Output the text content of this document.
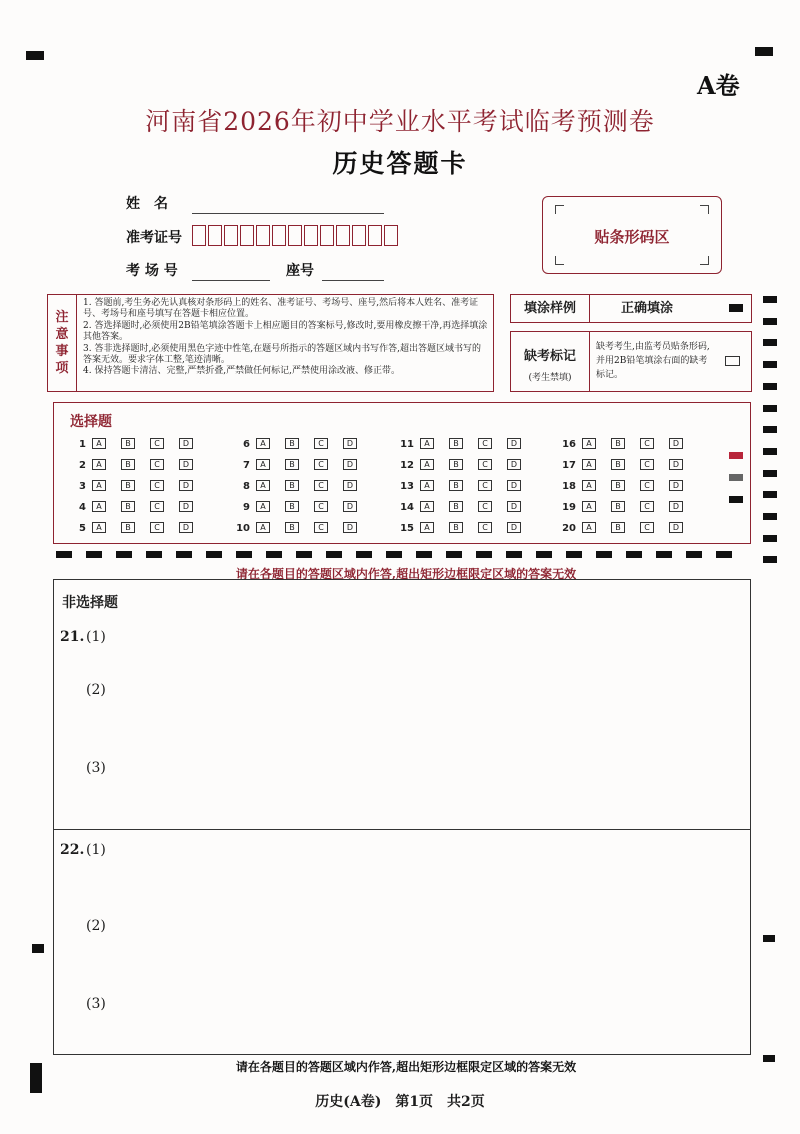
A卷
河南省2026年初中学业水平考试临考预测卷
历史答题卡
姓　名
准考证号
考 场 号	座号
贴条形码区
注
意
事
项
1. 答题前,考生务必先认真核对条形码上的姓名、准考证号、考场号、座号,然后将本人姓名、准考证号、考场号和座号填写在答题卡相应位置。
2. 答选择题时,必须使用2B铅笔填涂答题卡上相应题目的答案标号,修改时,要用橡皮擦干净,再选择填涂其他答案。
3. 答非选择题时,必须使用黑色字迹中性笔,在题号所指示的答题区域内书写作答,超出答题区域书写的答案无效。要求字体工整,笔迹清晰。
4. 保持答题卡清洁、完整,严禁折叠,严禁做任何标记,严禁使用涂改液、修正带。
填涂样例	正确填涂
缺考标记
(考生禁填)
缺考考生,由监考员贴条形码,并用2B铅笔填涂右面的缺考标记。
选择题
1 A	B	C	D
2 A	B	C	D
3 A	B	C	D
4 A	B	C	D
5 A	B	C	D
6 A	B	C	D
7 A	B	C	D
8 A	B	C	D
9 A	B	C	D
10 A	B	C	D
11 A	B	C	D
12 A	B	C	D
13 A	B	C	D
14 A	B	C	D
15 A	B	C	D
16 A	B	C	D
17 A	B	C	D
18 A	B	C	D
19 A	B	C	D
20 A	B	C	D
请在各题目的答题区域内作答,超出矩形边框限定区域的答案无效
非选择题
21. (1)
(2)
(3)
22. (1)
(2)
(3)
请在各题目的答题区域内作答,超出矩形边框限定区域的答案无效
历史(A卷)　第1页　共2页
